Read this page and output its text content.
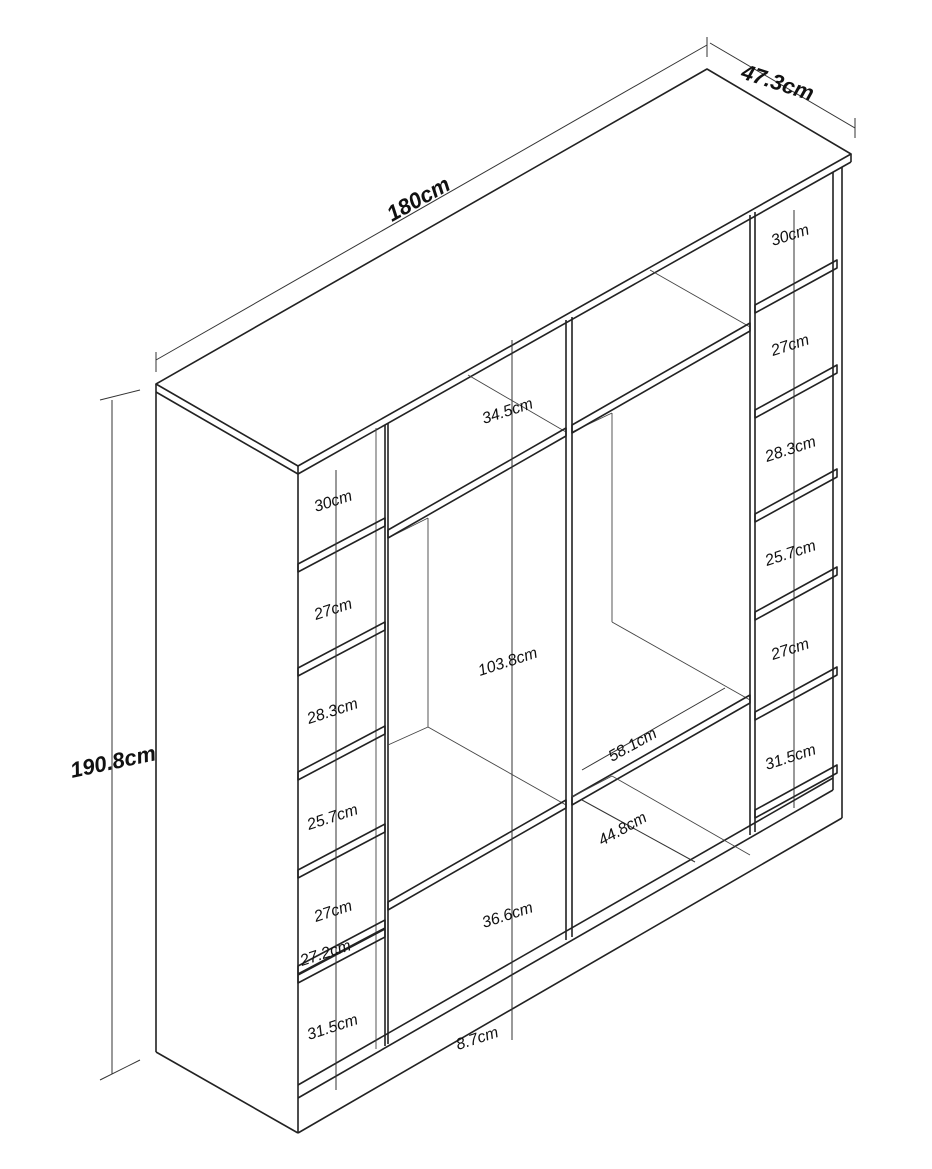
180cm
47.3cm
190.8cm
30cm
27cm
28.3cm
25.7cm
27cm
27.2cm
31.5cm
30cm
27cm
28.3cm
25.7cm
27cm
31.5cm
34.5cm
103.8cm
36.6cm
8.7cm
58.1cm
44.8cm
